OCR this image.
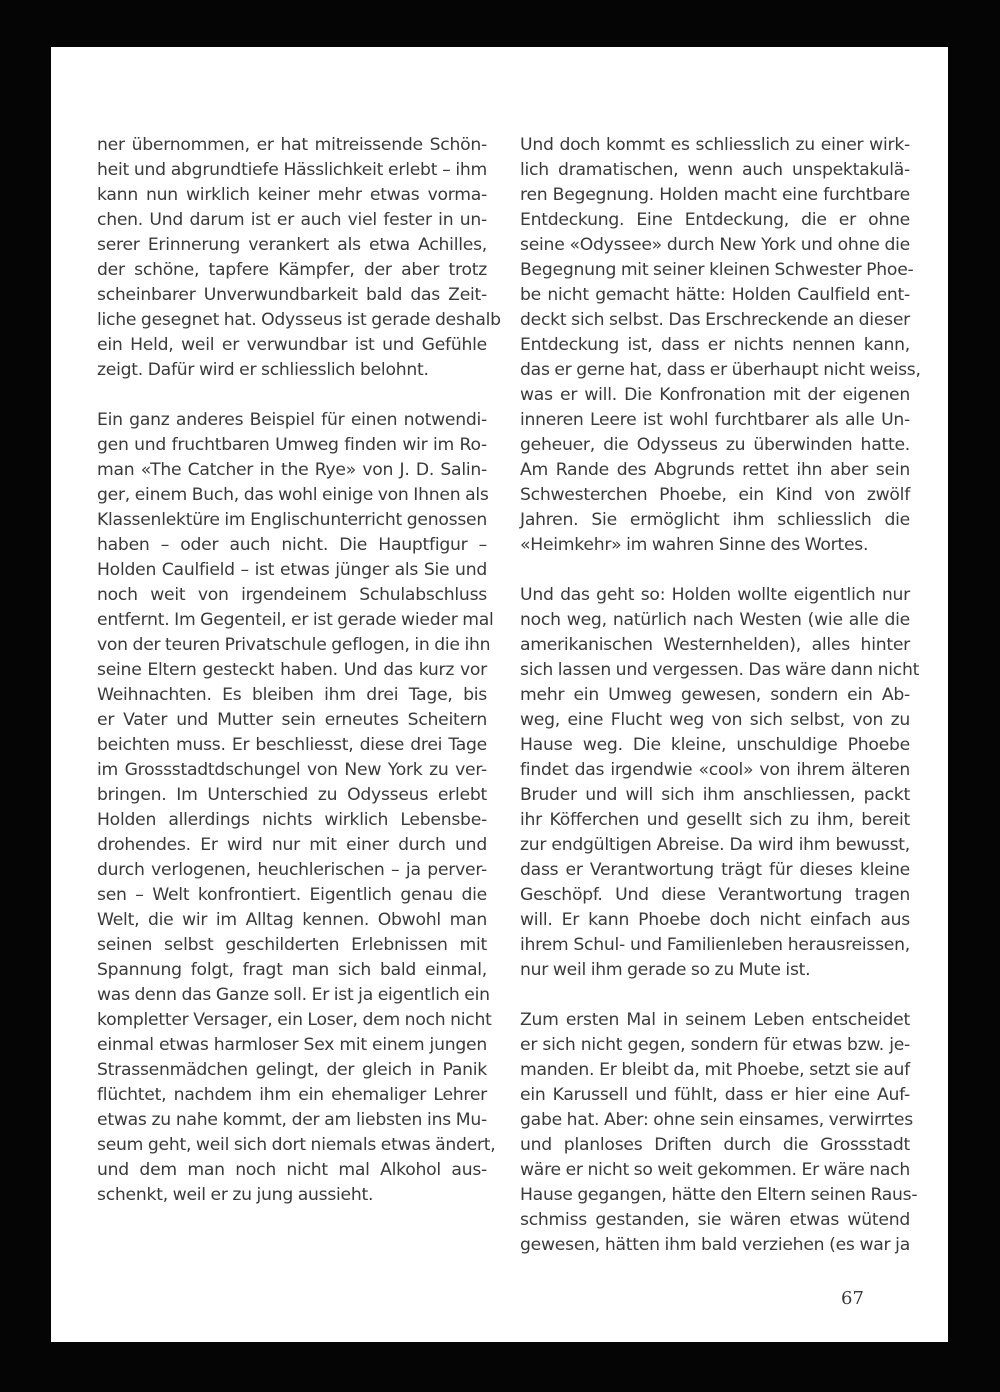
ner übernommen, er hat mitreissende Schön-
heit und abgrundtiefe Hässlichkeit erlebt – ihm
kann nun wirklich keiner mehr etwas vorma-
chen. Und darum ist er auch viel fester in un-
serer Erinnerung verankert als etwa Achilles,
der schöne, tapfere Kämpfer, der aber trotz
scheinbarer Unverwundbarkeit bald das Zeit-
liche gesegnet hat. Odysseus ist gerade deshalb
ein Held, weil er verwundbar ist und Gefühle
zeigt. Dafür wird er schliesslich belohnt.
Ein ganz anderes Beispiel für einen notwendi-
gen und fruchtbaren Umweg finden wir im Ro-
man «The Catcher in the Rye» von J. D. Salin-
ger, einem Buch, das wohl einige von Ihnen als
Klassenlektüre im Englischunterricht genossen
haben – oder auch nicht. Die Hauptfigur –
Holden Caulfield – ist etwas jünger als Sie und
noch weit von irgendeinem Schulabschluss
entfernt. Im Gegenteil, er ist gerade wieder mal
von der teuren Privatschule geflogen, in die ihn
seine Eltern gesteckt haben. Und das kurz vor
Weihnachten. Es bleiben ihm drei Tage, bis
er Vater und Mutter sein erneutes Scheitern
beichten muss. Er beschliesst, diese drei Tage
im Grossstadtdschungel von New York zu ver-
bringen. Im Unterschied zu Odysseus erlebt
Holden allerdings nichts wirklich Lebensbe-
drohendes. Er wird nur mit einer durch und
durch verlogenen, heuchlerischen – ja perver-
sen – Welt konfrontiert. Eigentlich genau die
Welt, die wir im Alltag kennen. Obwohl man
seinen selbst geschilderten Erlebnissen mit
Spannung folgt, fragt man sich bald einmal,
was denn das Ganze soll. Er ist ja eigentlich ein
kompletter Versager, ein Loser, dem noch nicht
einmal etwas harmloser Sex mit einem jungen
Strassenmädchen gelingt, der gleich in Panik
flüchtet, nachdem ihm ein ehemaliger Lehrer
etwas zu nahe kommt, der am liebsten ins Mu-
seum geht, weil sich dort niemals etwas ändert,
und dem man noch nicht mal Alkohol aus-
schenkt, weil er zu jung aussieht.
Und doch kommt es schliesslich zu einer wirk-
lich dramatischen, wenn auch unspektakulä-
ren Begegnung. Holden macht eine furchtbare
Entdeckung. Eine Entdeckung, die er ohne
seine «Odyssee» durch New York und ohne die
Begegnung mit seiner kleinen Schwester Phoe-
be nicht gemacht hätte: Holden Caulfield ent-
deckt sich selbst. Das Erschreckende an dieser
Entdeckung ist, dass er nichts nennen kann,
das er gerne hat, dass er überhaupt nicht weiss,
was er will. Die Konfronation mit der eigenen
inneren Leere ist wohl furchtbarer als alle Un-
geheuer, die Odysseus zu überwinden hatte.
Am Rande des Abgrunds rettet ihn aber sein
Schwesterchen Phoebe, ein Kind von zwölf
Jahren. Sie ermöglicht ihm schliesslich die
«Heimkehr» im wahren Sinne des Wortes.
Und das geht so: Holden wollte eigentlich nur
noch weg, natürlich nach Westen (wie alle die
amerikanischen Westernhelden), alles hinter
sich lassen und vergessen. Das wäre dann nicht
mehr ein Umweg gewesen, sondern ein Ab-
weg, eine Flucht weg von sich selbst, von zu
Hause weg. Die kleine, unschuldige Phoebe
findet das irgendwie «cool» von ihrem älteren
Bruder und will sich ihm anschliessen, packt
ihr Köfferchen und gesellt sich zu ihm, bereit
zur endgültigen Abreise. Da wird ihm bewusst,
dass er Verantwortung trägt für dieses kleine
Geschöpf. Und diese Verantwortung tragen
will. Er kann Phoebe doch nicht einfach aus
ihrem Schul- und Familienleben herausreissen,
nur weil ihm gerade so zu Mute ist.
Zum ersten Mal in seinem Leben entscheidet
er sich nicht gegen, sondern für etwas bzw. je-
manden. Er bleibt da, mit Phoebe, setzt sie auf
ein Karussell und fühlt, dass er hier eine Auf-
gabe hat. Aber: ohne sein einsames, verwirrtes
und planloses Driften durch die Grossstadt
wäre er nicht so weit gekommen. Er wäre nach
Hause gegangen, hätte den Eltern seinen Raus-
schmiss gestanden, sie wären etwas wütend
gewesen, hätten ihm bald verziehen (es war ja
67
